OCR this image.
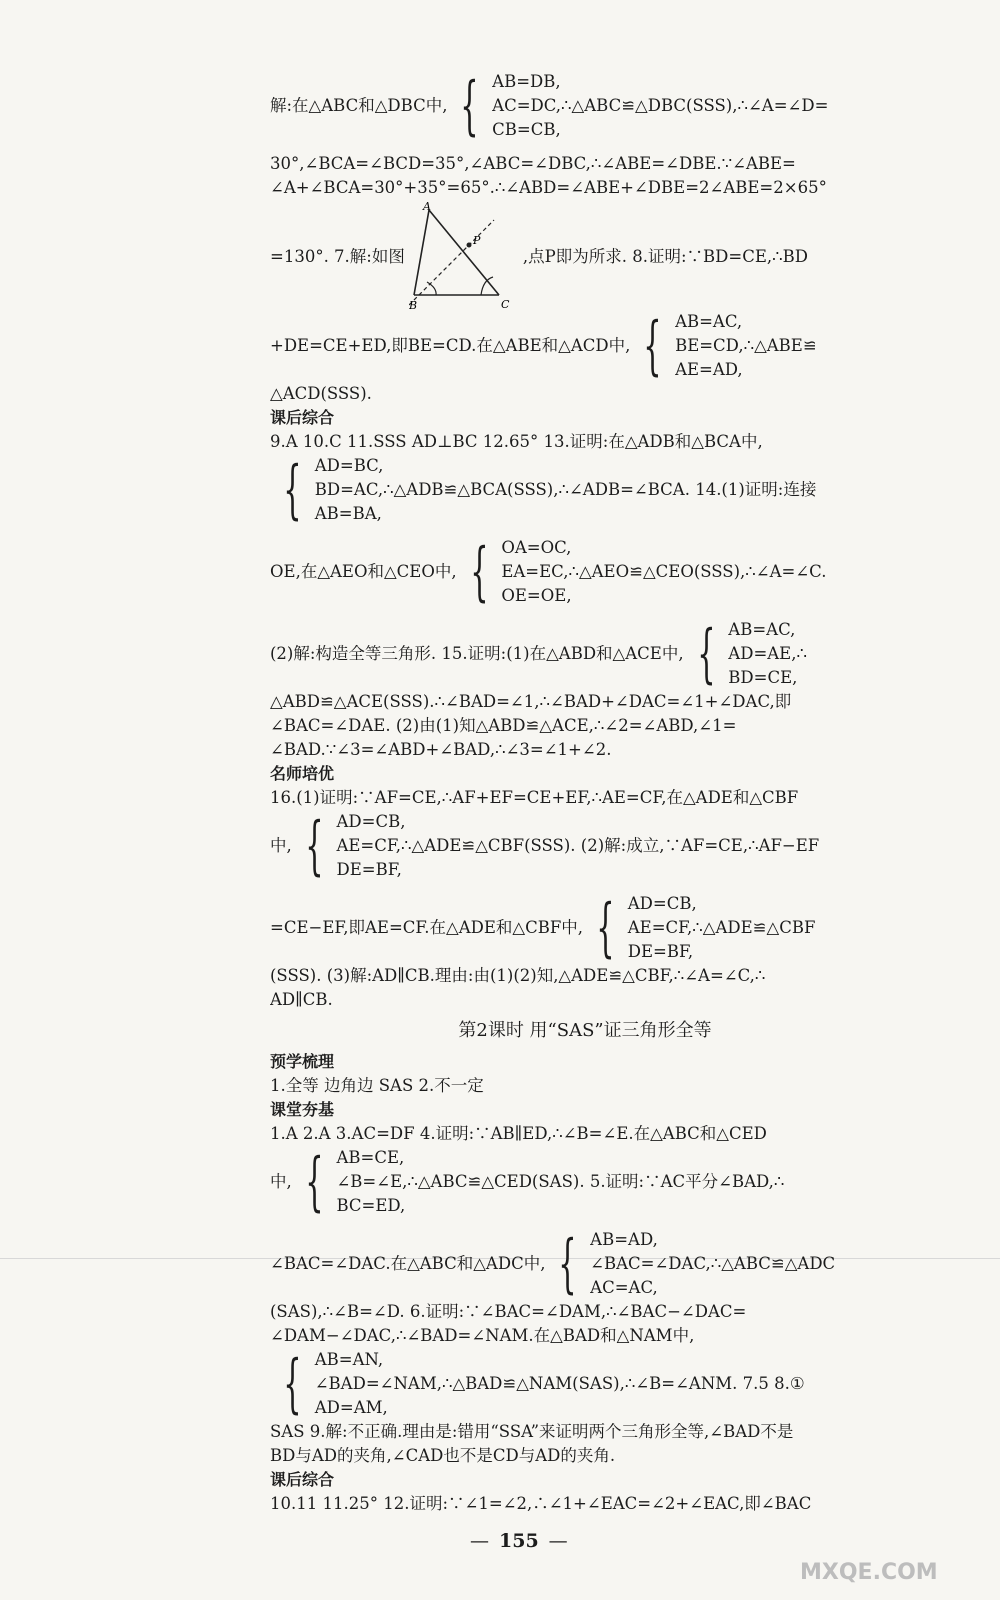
解:在△ABC和△DBC中, { AB=DB,
AC=DC,∴△ABC≌△DBC(SSS),∴∠A=∠D=
CB=CB,
30°,∠BCA=∠BCD=35°,∠ABC=∠DBC,∴∠ABE=∠DBE.∵∠ABE=
∠A+∠BCA=30°+35°=65°.∴∠ABD=∠ABE+∠DBE=2∠ABE=2×65°
=130°. 7.解:如图
A
B	C
P
,点P即为所求. 8.证明:∵BD=CE,∴BD
+DE=CE+ED,即BE=CD.在△ABE和△ACD中, { AB=AC,
BE=CD,∴△ABE≌
AE=AD,
△ACD(SSS).
课后综合
9.A 10.C 11.SSS AD⊥BC 12.65° 13.证明:在△ADB和△BCA中,
{ AD=BC,
BD=AC,∴△ADB≌△BCA(SSS),∴∠ADB=∠BCA. 14.(1)证明:连接
AB=BA,
OE,在△AEO和△CEO中, { OA=OC,
EA=EC,∴△AEO≌△CEO(SSS),∴∠A=∠C.
OE=OE,
(2)解:构造全等三角形. 15.证明:(1)在△ABD和△ACE中, { AB=AC,
AD=AE,∴
BD=CE,
△ABD≌△ACE(SSS).∴∠BAD=∠1,∴∠BAD+∠DAC=∠1+∠DAC,即
∠BAC=∠DAE. (2)由(1)知△ABD≌△ACE,∴∠2=∠ABD,∠1=
∠BAD.∵∠3=∠ABD+∠BAD,∴∠3=∠1+∠2.
名师培优
16.(1)证明:∵AF=CE,∴AF+EF=CE+EF,∴AE=CF,在△ADE和△CBF
中, { AD=CB,
AE=CF,∴△ADE≌△CBF(SSS). (2)解:成立,∵AF=CE,∴AF−EF
DE=BF,
=CE−EF,即AE=CF.在△ADE和△CBF中, { AD=CB,
AE=CF,∴△ADE≌△CBF
DE=BF,
(SSS). (3)解:AD∥CB.理由:由(1)(2)知,△ADE≌△CBF,∴∠A=∠C,∴
AD∥CB.
第2课时 用“SAS”证三角形全等
预学梳理
1.全等 边角边 SAS 2.不一定
课堂夯基
1.A 2.A 3.AC=DF 4.证明:∵AB∥ED,∴∠B=∠E.在△ABC和△CED
中, { AB=CE,
∠B=∠E,∴△ABC≌△CED(SAS). 5.证明:∵AC平分∠BAD,∴
BC=ED,
∠BAC=∠DAC.在△ABC和△ADC中, { AB=AD,
∠BAC=∠DAC,∴△ABC≌△ADC
AC=AC,
(SAS),∴∠B=∠D. 6.证明:∵∠BAC=∠DAM,∴∠BAC−∠DAC=
∠DAM−∠DAC,∴∠BAD=∠NAM.在△BAD和△NAM中,
{ AB=AN,
∠BAD=∠NAM,∴△BAD≌△NAM(SAS),∴∠B=∠ANM. 7.5 8.①
AD=AM,
SAS 9.解:不正确.理由是:错用“SSA”来证明两个三角形全等,∠BAD不是
BD与AD的夹角,∠CAD也不是CD与AD的夹角.
课后综合
10.11 11.25° 12.证明:∵∠1=∠2,∴∠1+∠EAC=∠2+∠EAC,即∠BAC
— 155 —
MXQE.COM
